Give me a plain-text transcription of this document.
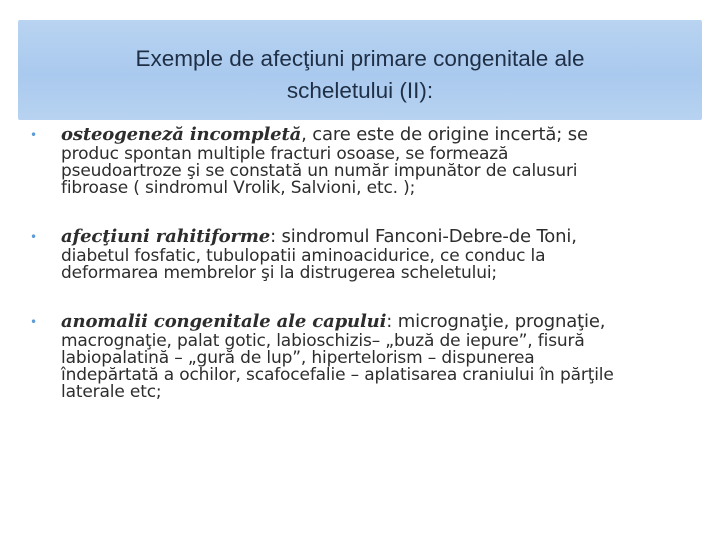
Exemple de afecţiuni primare congenitale ale
scheletului (II):
• osteogeneză incompletă, care este de origine incertă; se
produc spontan multiple fracturi osoase, se formează
pseudoartroze şi se constată un număr impunător de calusuri
fibroase ( sindromul Vrolik, Salvioni, etc. );
• afecţiuni rahitiforme: sindromul Fanconi-Debre-de Toni,
diabetul fosfatic, tubulopatii aminoacidurice, ce conduc la
deformarea membrelor şi la distrugerea scheletului;
• anomalii congenitale ale capului: micrognaţie, prognaţie,
macrognaţie, palat gotic, labioschizis– „buză de iepure”, fisură
labiopalatină – „gură de lup”, hipertelorism – dispunerea
îndepărtată a ochilor, scafocefalie – aplatisarea craniului în părţile
laterale etc;
